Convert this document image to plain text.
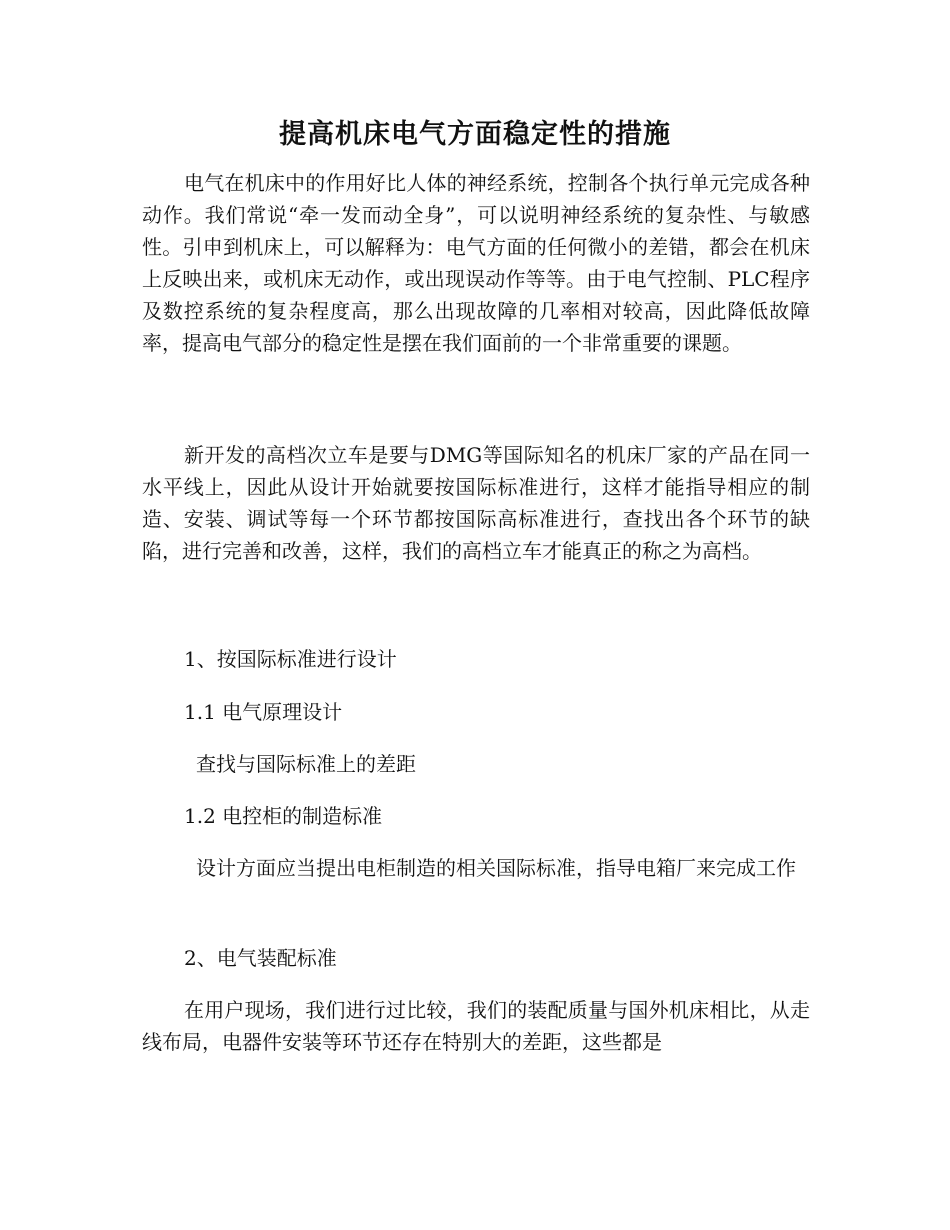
提高机床电气方面稳定性的措施

电气在机床中的作用好比人体的神经系统，控制各个执行单元完成各种动作。我们常说“牵一发而动全身”，可以说明神经系统的复杂性、与敏感性。引申到机床上，可以解释为：电气方面的任何微小的差错，都会在机床上反映出来，或机床无动作，或出现误动作等等。由于电气控制、PLC程序及数控系统的复杂程度高，那么出现故障的几率相对较高，因此降低故障率，提高电气部分的稳定性是摆在我们面前的一个非常重要的课题。

新开发的高档次立车是要与DMG等国际知名的机床厂家的产品在同一水平线上，因此从设计开始就要按国际标准进行，这样才能指导相应的制造、安装、调试等每一个环节都按国际高标准进行，查找出各个环节的缺陷，进行完善和改善，这样，我们的高档立车才能真正的称之为高档。

1、按国际标准进行设计

1.1 电气原理设计

查找与国际标准上的差距

1.2 电控柜的制造标准

设计方面应当提出电柜制造的相关国际标准，指导电箱厂来完成工作

2、电气装配标准

在用户现场，我们进行过比较，我们的装配质量与国外机床相比，从走线布局，电器件安装等环节还存在特别大的差距，这些都是
